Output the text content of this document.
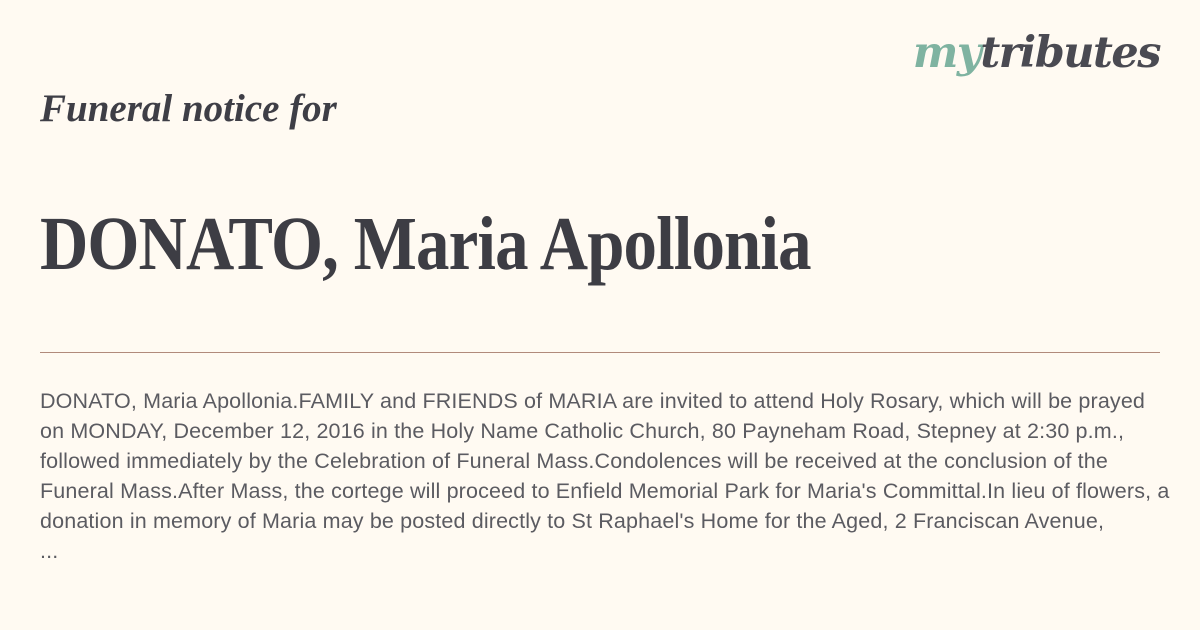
mytributes
Funeral notice for
DONATO, Maria Apollonia
DONATO, Maria Apollonia.FAMILY and FRIENDS of MARIA are invited to attend Holy Rosary, which will be prayed on MONDAY, December 12, 2016 in the Holy Name Catholic Church, 80 Payneham Road, Stepney at 2:30 p.m., followed immediately by the Celebration of Funeral Mass.Condolences will be received at the conclusion of the Funeral Mass.After Mass, the cortege will proceed to Enfield Memorial Park for Maria's Committal.In lieu of flowers, a donation in memory of Maria may be posted directly to St Raphael's Home for the Aged, 2 Franciscan Avenue,
...
